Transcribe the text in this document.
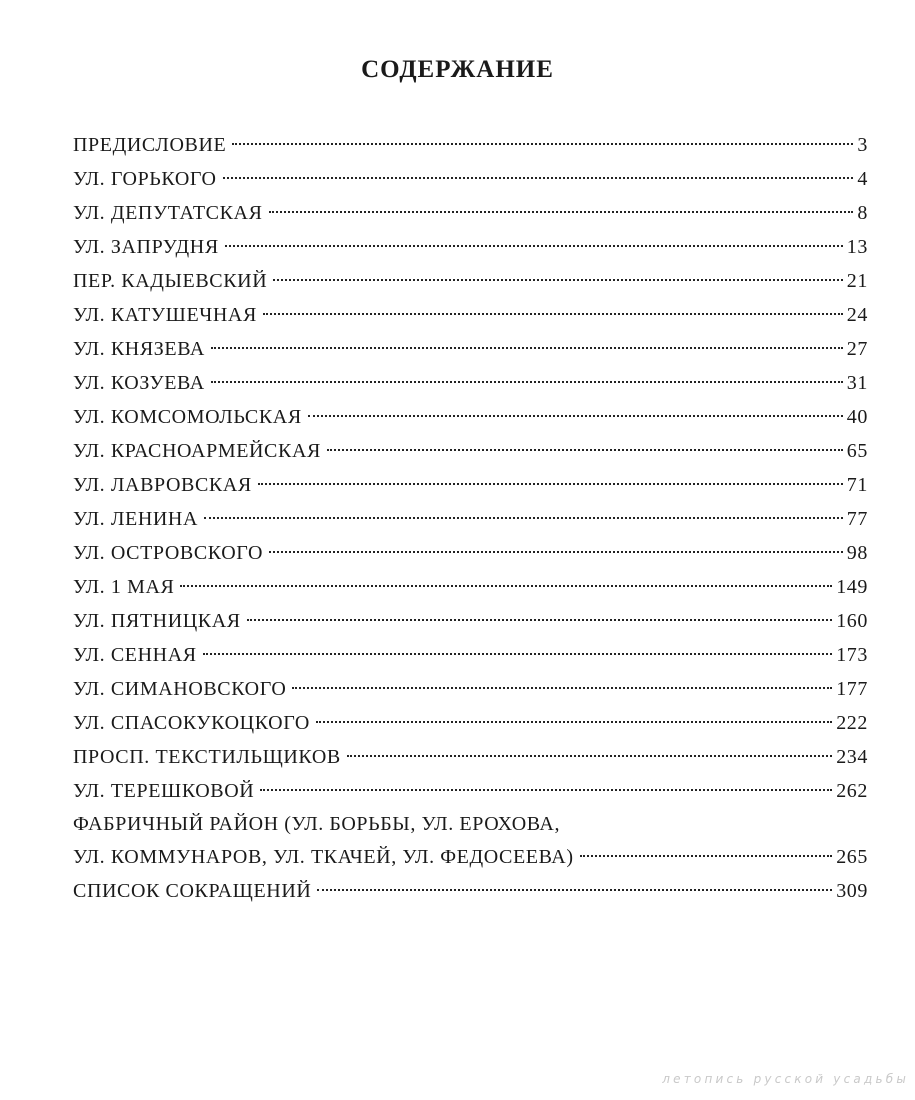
СОДЕРЖАНИЕ
ПРЕДИСЛОВИЕ	3
УЛ. ГОРЬКОГО	4
УЛ. ДЕПУТАТСКАЯ	8
УЛ. ЗАПРУДНЯ	13
ПЕР. КАДЫЕВСКИЙ	21
УЛ. КАТУШЕЧНАЯ	24
УЛ. КНЯЗЕВА	27
УЛ. КОЗУЕВА	31
УЛ. КОМСОМОЛЬСКАЯ	40
УЛ. КРАСНОАРМЕЙСКАЯ	65
УЛ. ЛАВРОВСКАЯ	71
УЛ. ЛЕНИНА	77
УЛ. ОСТРОВСКОГО	98
УЛ. 1 МАЯ	149
УЛ. ПЯТНИЦКАЯ	160
УЛ. СЕННАЯ	173
УЛ. СИМАНОВСКОГО	177
УЛ. СПАСОКУКОЦКОГО	222
ПРОСП. ТЕКСТИЛЬЩИКОВ	234
УЛ. ТЕРЕШКОВОЙ	262
ФАБРИЧНЫЙ РАЙОН (УЛ. БОРЬБЫ, УЛ. ЕРОХОВА,
УЛ. КОММУНАРОВ, УЛ. ТКАЧЕЙ, УЛ. ФЕДОСЕЕВА)	265
СПИСОК СОКРАЩЕНИЙ	309
летопись русской усадьбы
